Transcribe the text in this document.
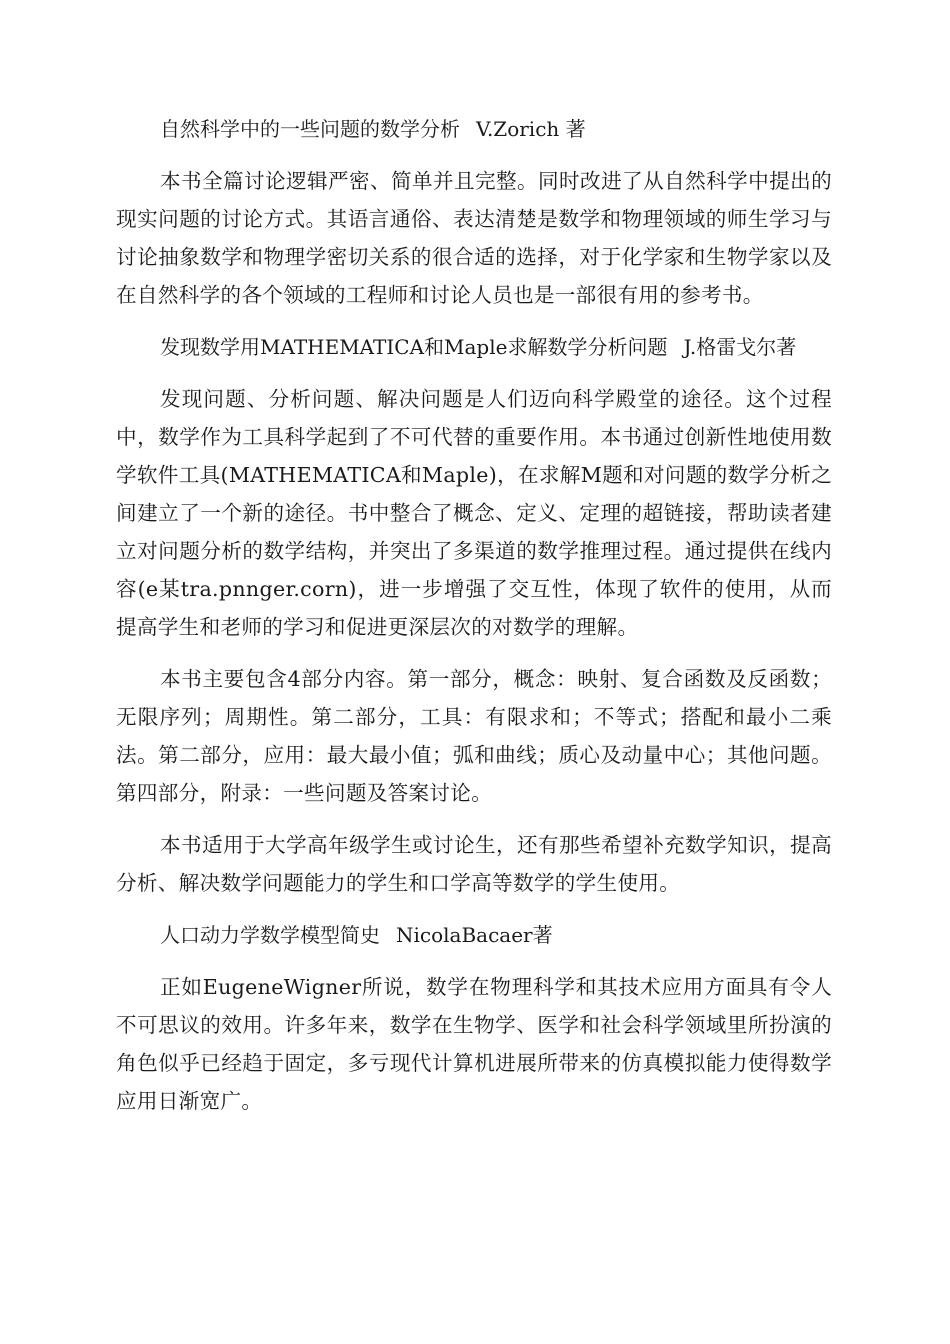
自然科学中的一些问题的数学分析 V.Zorich 著

本书全篇讨论逻辑严密、简单并且完整。同时改进了从自然科学中提出的现实问题的讨论方式。其语言通俗、表达清楚是数学和物理领域的师生学习与讨论抽象数学和物理学密切关系的很合适的选择，对于化学家和生物学家以及在自然科学的各个领域的工程师和讨论人员也是一部很有用的参考书。

发现数学用MATHEMATICA和Maple求解数学分析问题 J.格雷戈尔著

发现问题、分析问题、解决问题是人们迈向科学殿堂的途径。这个过程中，数学作为工具科学起到了不可代替的重要作用。本书通过创新性地使用数学软件工具(MATHEMATICA和Maple)，在求解M题和对问题的数学分析之间建立了一个新的途径。书中整合了概念、定义、定理的超链接，帮助读者建立对问题分析的数学结构，并突出了多渠道的数学推理过程。通过提供在线内容(e某tra.pnnger.corn)，进一步增强了交互性，体现了软件的使用，从而提高学生和老师的学习和促进更深层次的对数学的理解。

本书主要包含4部分内容。第一部分，概念：映射、复合函数及反函数；无限序列；周期性。第二部分，工具：有限求和；不等式；搭配和最小二乘法。第二部分，应用：最大最小值；弧和曲线；质心及动量中心；其他问题。第四部分，附录：一些问题及答案讨论。

本书适用于大学高年级学生或讨论生，还有那些希望补充数学知识，提高分析、解决数学问题能力的学生和口学高等数学的学生使用。

人口动力学数学模型简史 NicolaBacaer著

正如EugeneWigner所说，数学在物理科学和其技术应用方面具有令人不可思议的效用。许多年来，数学在生物学、医学和社会科学领域里所扮演的角色似乎已经趋于固定，多亏现代计算机进展所带来的仿真模拟能力使得数学应用日渐宽广。
